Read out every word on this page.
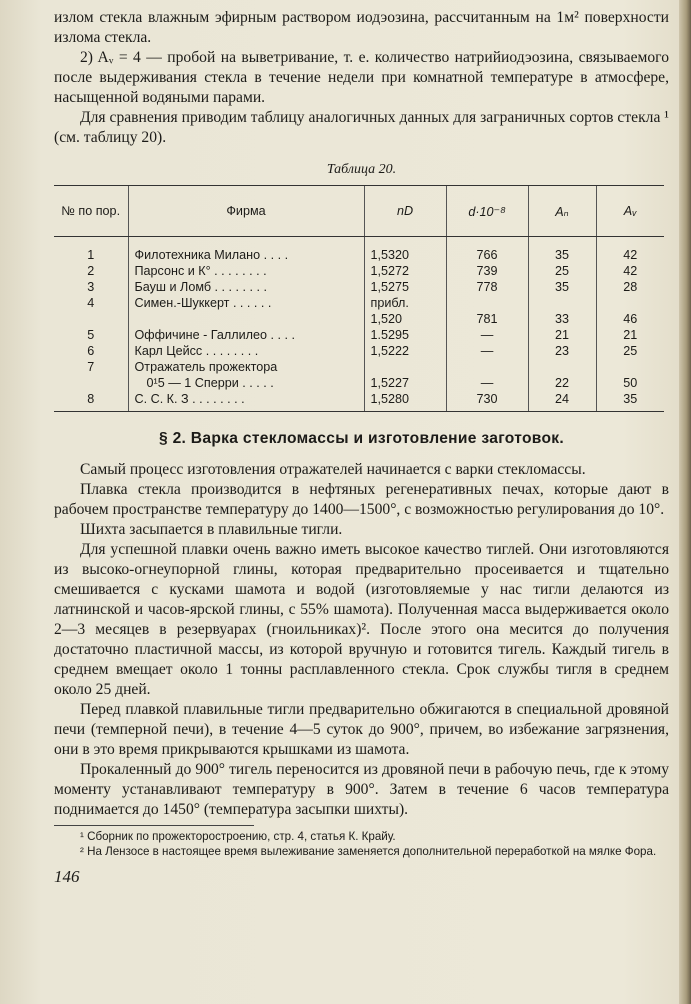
излом стекла влажным эфирным раствором иодэозина, рассчитанным на 1м² поверхности излома стекла.

2) Aᵥ = 4 — пробой на выветривание, т. е. количество натрийиодэозина, связываемого после выдерживания стекла в течение недели при комнатной температуре в атмосфере, насыщенной водяными парами.

Для сравнения приводим таблицу аналогичных данных для заграничных сортов стекла ¹ (см. таблицу 20).

Таблица 20.
№ по пор.	Фирма	nD	d·10⁻⁸	Aₙ	Aᵥ
1	Филотехника Милано . . . .	1,5320	766	35	42
2	Парсонс и К° . . . . . . . .	1,5272	739	25	42
3	Бауш и Ломб . . . . . . . .	1,5275	778	35	28
4	Симен.-Шуккерт . . . . . .	прибл.			
		1,520	781	33	46
5	Оффичине - Галлилео . . . .	1.5295	—	21	21
6	Карл Цейсс . . . . . . . .	1,5222	—	23	25
7	Отражатель прожектора				
	0¹5 — 1 Сперри . . . . .	1,5227	—	22	50
8	С. С. К. З . . . . . . . .	1,5280	730	24	35
§ 2. Варка стекломассы и изготовление заготовок.

Самый процесс изготовления отражателей начинается с варки стекломассы.

Плавка стекла производится в нефтяных регенеративных печах, которые дают в рабочем пространстве температуру до 1400—1500°, с возможностью регулирования до 10°.

Шихта засыпается в плавильные тигли.

Для успешной плавки очень важно иметь высокое качество тиглей. Они изготовляются из высоко-огнеупорной глины, которая предварительно просеивается и тщательно смешивается с кусками шамота и водой (изготовляемые у нас тигли делаются из латнинской и часов-ярской глины, с 55% шамота). Полученная масса выдерживается около 2—3 месяцев в резервуарах (гноильниках)². После этого она месится до получения достаточно пластичной массы, из которой вручную и готовится тигель. Каждый тигель в среднем вмещает около 1 тонны расплавленного стекла. Срок службы тигля в среднем около 25 дней.

Перед плавкой плавильные тигли предварительно обжигаются в специальной дровяной печи (темперной печи), в течение 4—5 суток до 900°, причем, во избежание загрязнения, они в это время прикрываются крышками из шамота.

Прокаленный до 900° тигель переносится из дровяной печи в рабочую печь, где к этому моменту устанавливают температуру в 900°. Затем в течение 6 часов температура поднимается до 1450° (температура засыпки шихты).

¹ Сборник по прожекторостроению, стр. 4, статья К. Крайу.

² На Лензосе в настоящее время вылеживание заменяется дополнительной переработкой на мялке Фора.

146
